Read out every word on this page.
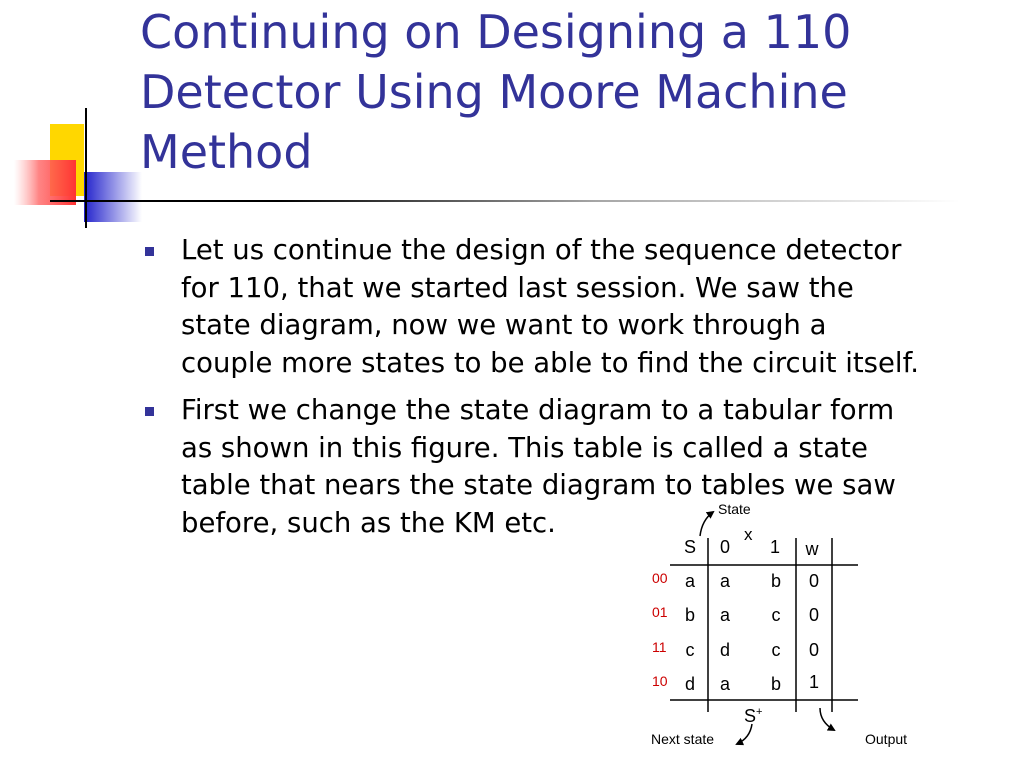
Continuing on Designing a 110
Detector Using Moore Machine
Method
Let us continue the design of the sequence detector
for 110, that we started last session. We saw the
state diagram, now we want to work through a
couple more states to be able to find the circuit itself.
First we change the state diagram to a tabular form
as shown in this figure. This table is called a state
table that nears the state diagram to tables we saw
before, such as the KM etc.	State
x
S 0 1 w
00 a a b 0
01 b a c 0
11 c d c 0
10 d a b 1
S+
Next state	Output
